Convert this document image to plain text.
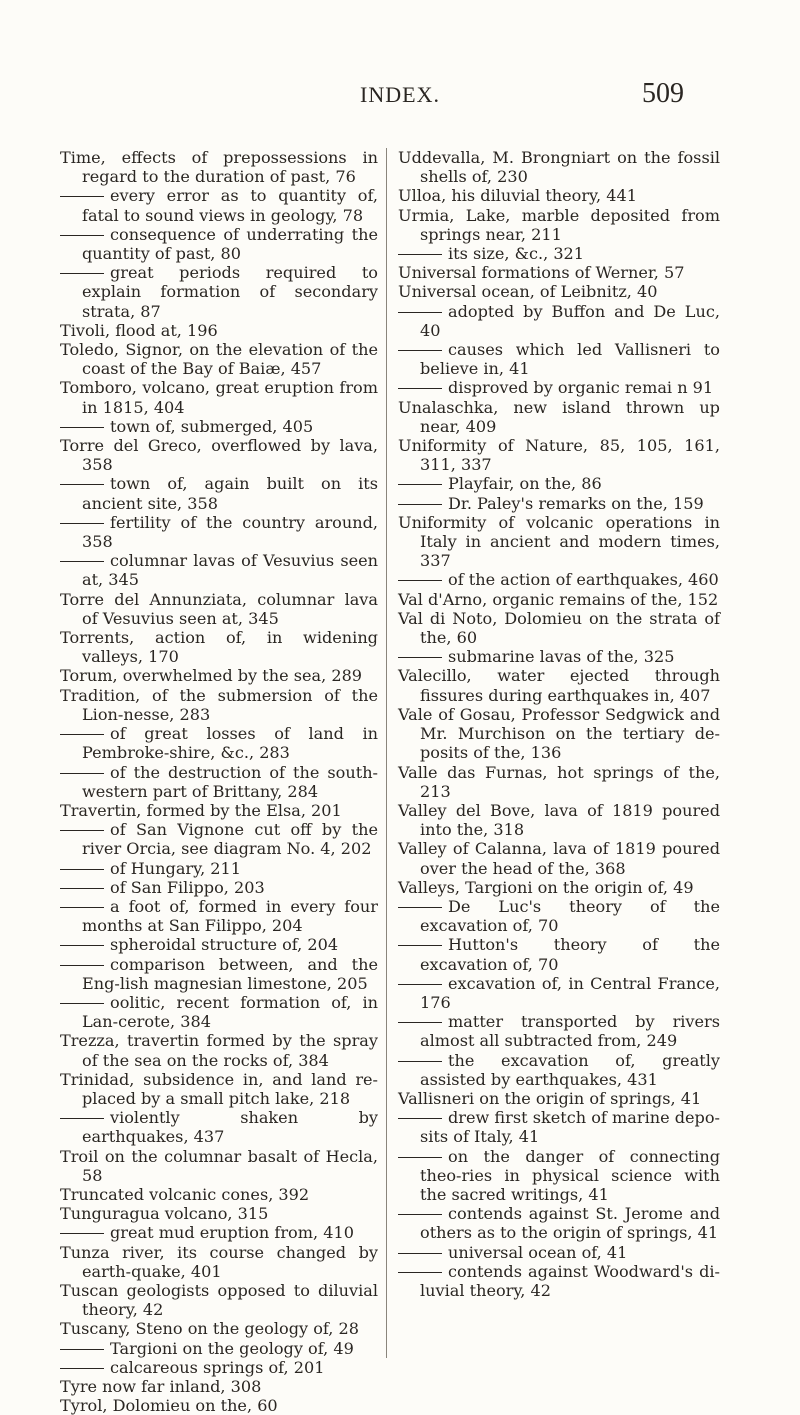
INDEX.	509
Time, effects of prepossessions in regard to the duration of past, 76
every error as to quantity of, fatal to sound views in geology, 78
consequence of underrating the quantity of past, 80
great periods required to explain formation of secondary strata, 87
Tivoli, flood at, 196
Toledo, Signor, on the elevation of the coast of the Bay of Baiæ, 457
Tomboro, volcano, great eruption from in 1815, 404
town of, submerged, 405
Torre del Greco, overflowed by lava, 358
town of, again built on its ancient site, 358
fertility of the country around, 358
columnar lavas of Vesuvius seen at, 345
Torre del Annunziata, columnar lava of Vesuvius seen at, 345
Torrents, action of, in widening valleys, 170
Torum, overwhelmed by the sea, 289
Tradition, of the submersion of the Lion-nesse, 283
of great losses of land in Pembroke-shire, &c., 283
of the destruction of the south-western part of Brittany, 284
Travertin, formed by the Elsa, 201
of San Vignone cut off by the river Orcia, see diagram No. 4, 202
of Hungary, 211
of San Filippo, 203
a foot of, formed in every four months at San Filippo, 204
spheroidal structure of, 204
comparison between, and the Eng-lish magnesian limestone, 205
oolitic, recent formation of, in Lan-cerote, 384
Trezza, travertin formed by the spray of the sea on the rocks of, 384
Trinidad, subsidence in, and land re-placed by a small pitch lake, 218
violently shaken by earthquakes, 437
Troil on the columnar basalt of Hecla, 58
Truncated volcanic cones, 392
Tunguragua volcano, 315
great mud eruption from, 410
Tunza river, its course changed by earth-quake, 401
Tuscan geologists opposed to diluvial theory, 42
Tuscany, Steno on the geology of, 28
Targioni on the geology of, 49
calcareous springs of, 201
Tyre now far inland, 308
Tyrol, Dolomieu on the, 60
Uddevalla, M. Brongniart on the fossil shells of, 230
Ulloa, his diluvial theory, 441
Urmia, Lake, marble deposited from springs near, 211
its size, &c., 321
Universal formations of Werner, 57
Universal ocean, of Leibnitz, 40
adopted by Buffon and De Luc, 40
causes which led Vallisneri to believe in, 41
disproved by organic remai n 91
Unalaschka, new island thrown up near, 409
Uniformity of Nature, 85, 105, 161, 311, 337
Playfair, on the, 86
Dr. Paley's remarks on the, 159
Uniformity of volcanic operations in Italy in ancient and modern times, 337
of the action of earthquakes, 460
Val d'Arno, organic remains of the, 152
Val di Noto, Dolomieu on the strata of the, 60
submarine lavas of the, 325
Valecillo, water ejected through fissures during earthquakes in, 407
Vale of Gosau, Professor Sedgwick and Mr. Murchison on the tertiary de-posits of the, 136
Valle das Furnas, hot springs of the, 213
Valley del Bove, lava of 1819 poured into the, 318
Valley of Calanna, lava of 1819 poured over the head of the, 368
Valleys, Targioni on the origin of, 49
De Luc's theory of the excavation of, 70
Hutton's theory of the excavation of, 70
excavation of, in Central France, 176
matter transported by rivers almost all subtracted from, 249
the excavation of, greatly assisted by earthquakes, 431
Vallisneri on the origin of springs, 41
drew first sketch of marine depo-sits of Italy, 41
on the danger of connecting theo-ries in physical science with the sacred writings, 41
contends against St. Jerome and others as to the origin of springs, 41
universal ocean of, 41
contends against Woodward's di-luvial theory, 42
